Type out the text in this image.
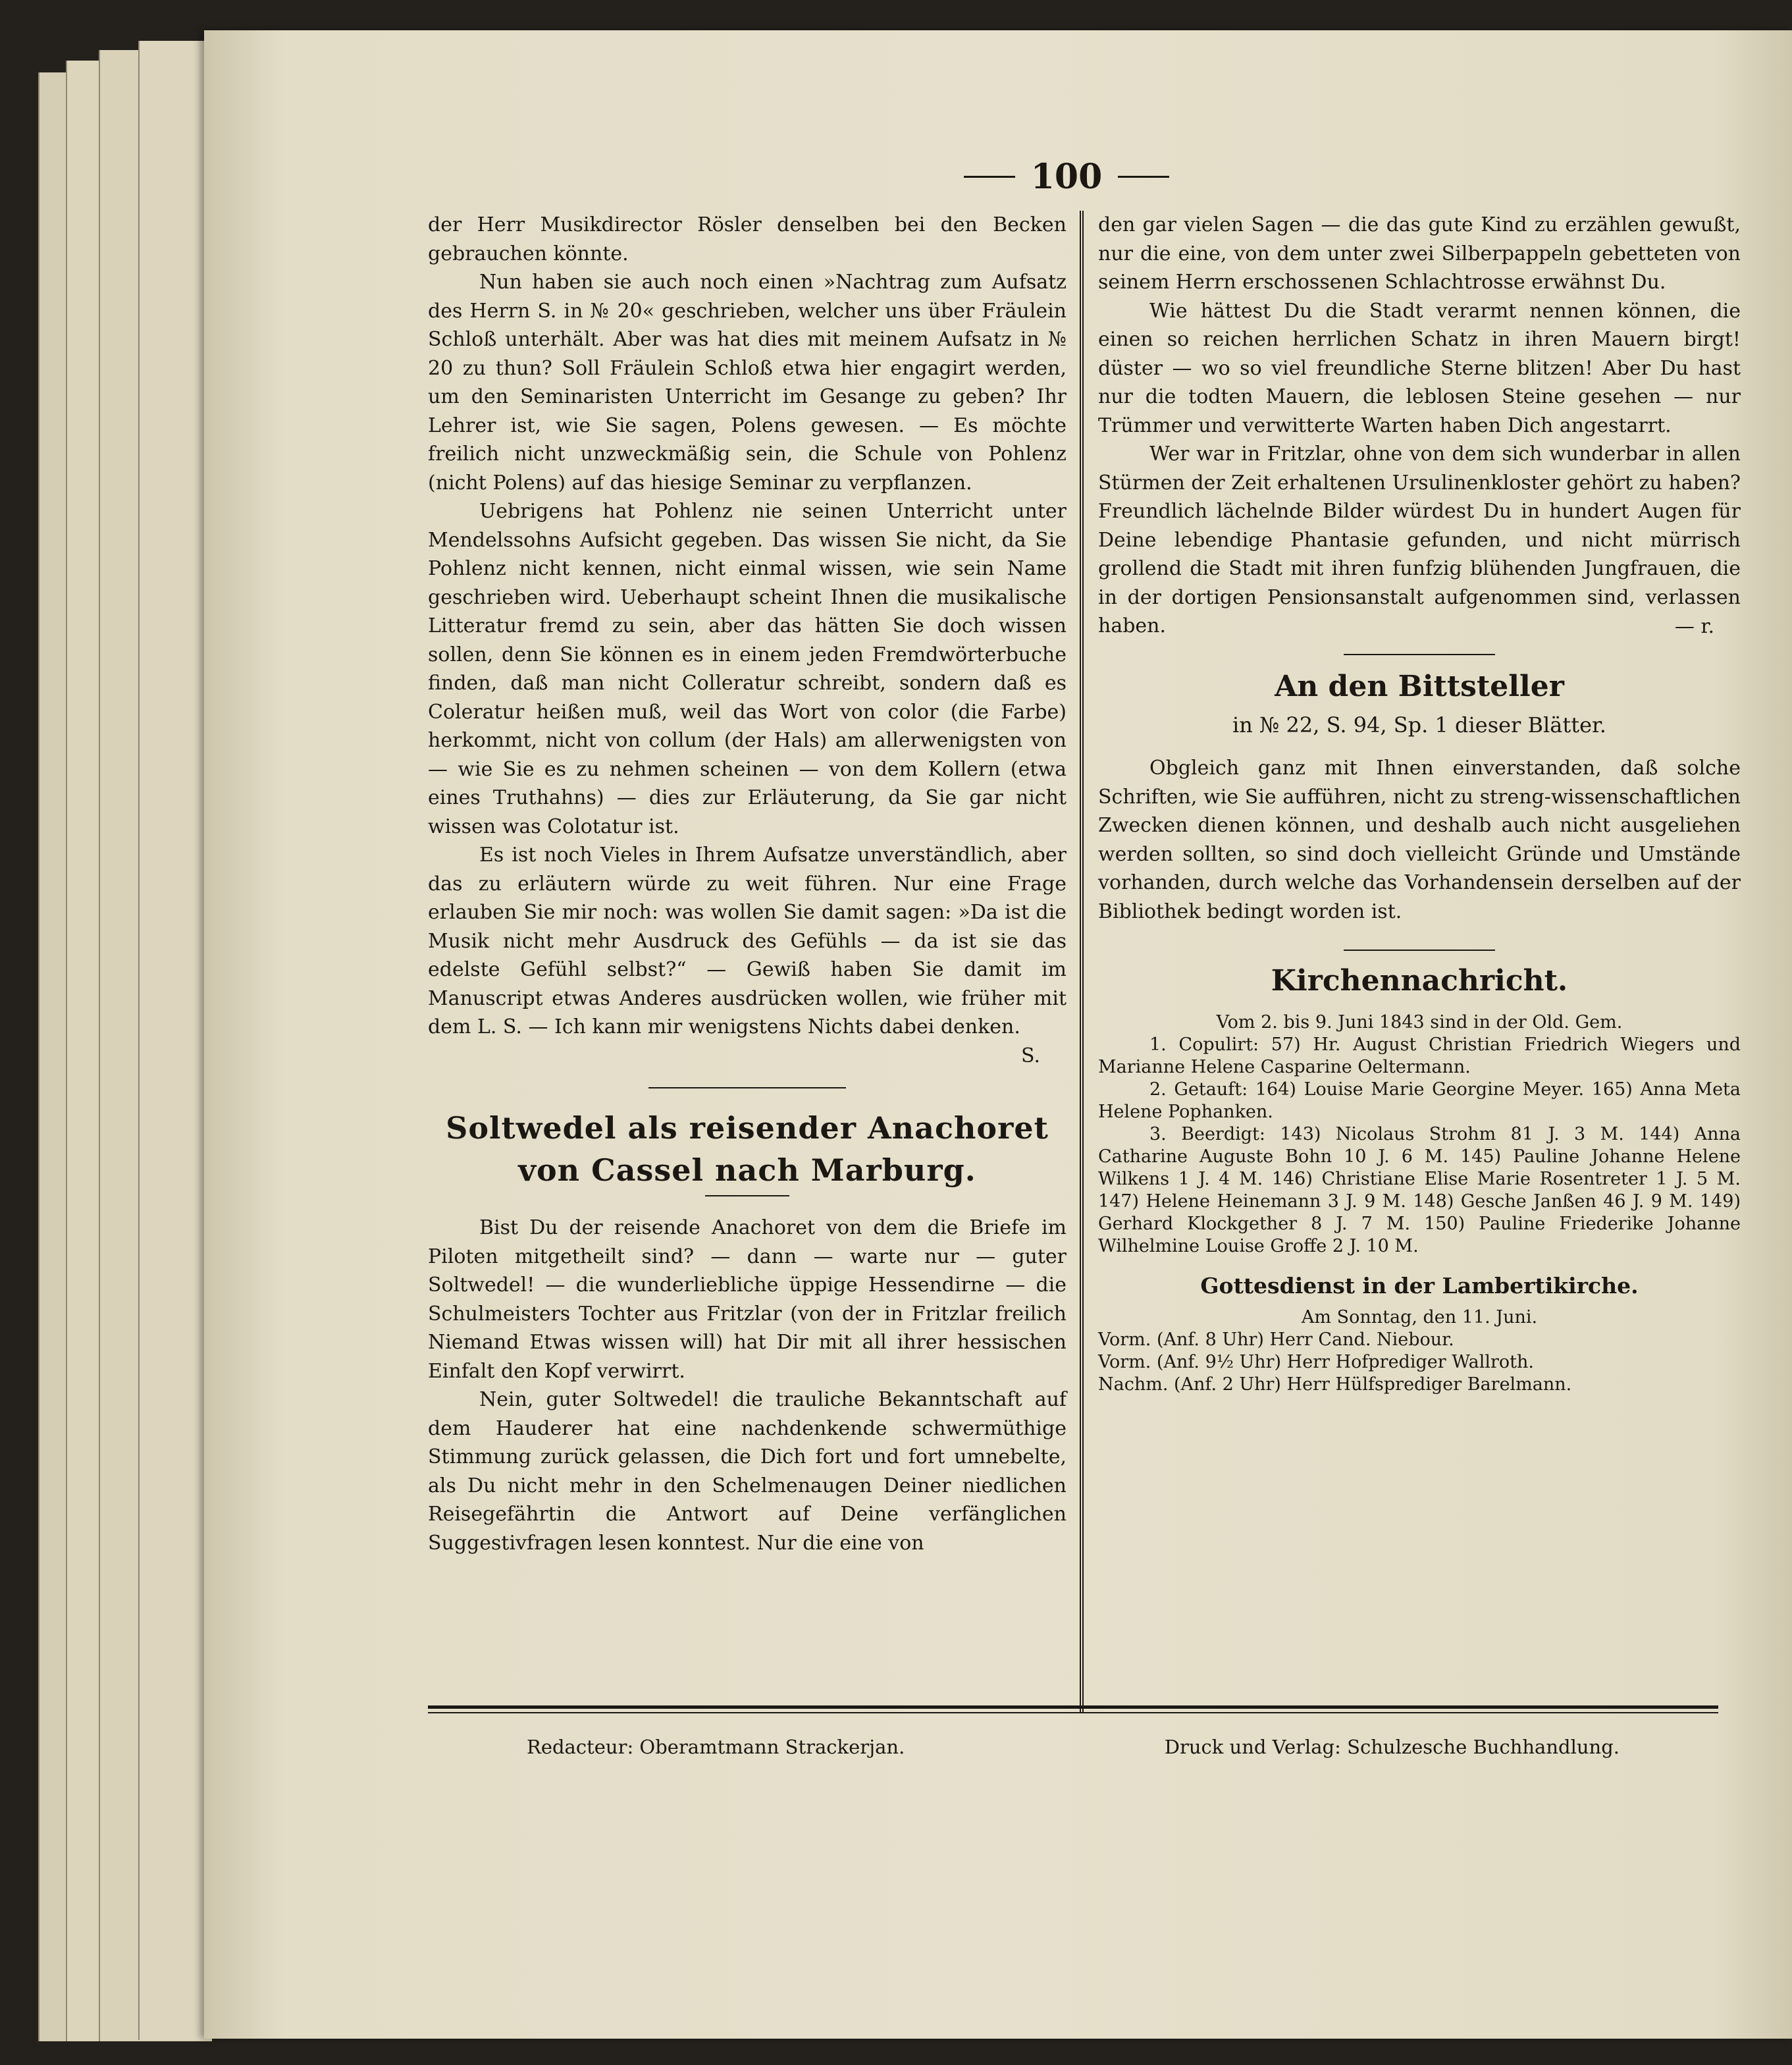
100

der Herr Musikdirector Rösler denselben bei den Becken gebrauchen könnte.

Nun haben sie auch noch einen »Nachtrag zum Aufsatz des Herrn S. in № 20« geschrieben, welcher uns über Fräulein Schloß unterhält. Aber was hat dies mit meinem Aufsatz in № 20 zu thun? Soll Fräulein Schloß etwa hier engagirt werden, um den Seminaristen Unterricht im Gesange zu geben? Ihr Lehrer ist, wie Sie sagen, Polens gewesen. — Es möchte freilich nicht unzweckmäßig sein, die Schule von Pohlenz (nicht Polens) auf das hiesige Seminar zu verpflanzen.

Uebrigens hat Pohlenz nie seinen Unterricht unter Mendelssohns Aufsicht gegeben. Das wissen Sie nicht, da Sie Pohlenz nicht kennen, nicht einmal wissen, wie sein Name geschrieben wird. Ueberhaupt scheint Ihnen die musikalische Litteratur fremd zu sein, aber das hätten Sie doch wissen sollen, denn Sie können es in einem jeden Fremdwörterbuche finden, daß man nicht Colleratur schreibt, sondern daß es Coleratur heißen muß, weil das Wort von color (die Farbe) herkommt, nicht von collum (der Hals) am allerwenigsten von — wie Sie es zu nehmen scheinen — von dem Kollern (etwa eines Truthahns) — dies zur Erläuterung, da Sie gar nicht wissen was Colotatur ist.

Es ist noch Vieles in Ihrem Aufsatze unverständlich, aber das zu erläutern würde zu weit führen. Nur eine Frage erlauben Sie mir noch: was wollen Sie damit sagen: »Da ist die Musik nicht mehr Ausdruck des Gefühls — da ist sie das edelste Gefühl selbst?“ — Gewiß haben Sie damit im Manuscript etwas Anderes ausdrücken wollen, wie früher mit dem L. S. — Ich kann mir wenigstens Nichts dabei denken.

S.

Soltwedel als reisender Anachoret von Cassel nach Marburg.

Bist Du der reisende Anachoret von dem die Briefe im Piloten mitgetheilt sind? — dann — warte nur — guter Soltwedel! — die wunderliebliche üppige Hessendirne — die Schulmeisters Tochter aus Fritzlar (von der in Fritzlar freilich Niemand Etwas wissen will) hat Dir mit all ihrer hessischen Einfalt den Kopf verwirrt.

Nein, guter Soltwedel! die trauliche Bekanntschaft auf dem Hauderer hat eine nachdenkende schwermüthige Stimmung zurück gelassen, die Dich fort und fort umnebelte, als Du nicht mehr in den Schelmenaugen Deiner niedlichen Reisegefährtin die Antwort auf Deine verfänglichen Suggestivfragen lesen konntest. Nur die eine von

den gar vielen Sagen — die das gute Kind zu erzählen gewußt, nur die eine, von dem unter zwei Silberpappeln gebetteten von seinem Herrn erschossenen Schlachtrosse erwähnst Du.

Wie hättest Du die Stadt verarmt nennen können, die einen so reichen herrlichen Schatz in ihren Mauern birgt! düster — wo so viel freundliche Sterne blitzen! Aber Du hast nur die todten Mauern, die leblosen Steine gesehen — nur Trümmer und verwitterte Warten haben Dich angestarrt.

Wer war in Fritzlar, ohne von dem sich wunderbar in allen Stürmen der Zeit erhaltenen Ursulinenkloster gehört zu haben? Freundlich lächelnde Bilder würdest Du in hundert Augen für Deine lebendige Phantasie gefunden, und nicht mürrisch grollend die Stadt mit ihren funfzig blühenden Jungfrauen, die in der dortigen Pensionsanstalt aufgenommen sind, verlassen haben.	— r.

An den Bittsteller
in № 22, S. 94, Sp. 1 dieser Blätter.

Obgleich ganz mit Ihnen einverstanden, daß solche Schriften, wie Sie aufführen, nicht zu streng-wissenschaftlichen Zwecken dienen können, und deshalb auch nicht ausgeliehen werden sollten, so sind doch vielleicht Gründe und Umstände vorhanden, durch welche das Vorhandensein derselben auf der Bibliothek bedingt worden ist.

Kirchennachricht.

Vom 2. bis 9. Juni 1843 sind in der Old. Gem.

1. Copulirt: 57) Hr. August Christian Friedrich Wiegers und Marianne Helene Casparine Oeltermann.

2. Getauft: 164) Louise Marie Georgine Meyer. 165) Anna Meta Helene Pophanken.

3. Beerdigt: 143) Nicolaus Strohm 81 J. 3 M. 144) Anna Catharine Auguste Bohn 10 J. 6 M. 145) Pauline Johanne Helene Wilkens 1 J. 4 M. 146) Christiane Elise Marie Rosentreter 1 J. 5 M. 147) Helene Heinemann 3 J. 9 M. 148) Gesche Janßen 46 J. 9 M. 149) Gerhard Klockgether 8 J. 7 M. 150) Pauline Friederike Johanne Wilhelmine Louise Groffe 2 J. 10 M.

Gottesdienst in der Lambertikirche.

Am Sonntag, den 11. Juni.

Vorm. (Anf. 8 Uhr) Herr Cand. Niebour.

Vorm. (Anf. 9½ Uhr) Herr Hofprediger Wallroth.

Nachm. (Anf. 2 Uhr) Herr Hülfsprediger Barelmann.

Redacteur: Oberamtmann Strackerjan.	Druck und Verlag: Schulzesche Buchhandlung.
